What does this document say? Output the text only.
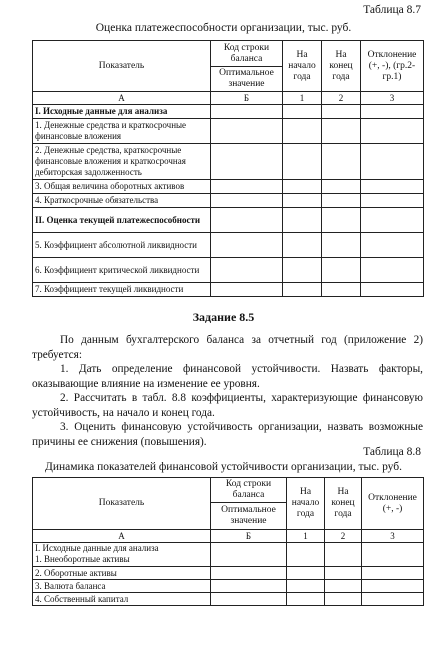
Таблица 8.7
Оценка платежеспособности организации, тыс. руб.
Показатель	Код строки баланса	На начало года	На конец года	Отклонение (+, -), (гр.2-гр.1)
	Оптимальное значение			
А	Б	1	2	3
I. Исходные данные для анализа				
1. Денежные средства и краткосрочные финансовые вложения				
2. Денежные средства, краткосрочные финансовые вложения и краткосрочная дебиторская задолженность				
3. Общая величина оборотных активов				
4. Краткосрочные обязательства				
II. Оценка текущей платежеспособности				
5. Коэффициент абсолютной ликвидности				
6. Коэффициент критической ликвидности				
7. Коэффициент текущей ликвидности				
Задание 8.5
По данным бухгалтерского баланса за отчетный год (приложение 2) требуется:
1. Дать определение финансовой устойчивости. Назвать факторы, оказывающие влияние на изменение ее уровня.
2. Рассчитать в табл. 8.8 коэффициенты, характеризующие финансовую устойчивость, на начало и конец года.
3. Оценить финансовую устойчивость организации, назвать возможные причины ее снижения (повышения).
Таблица 8.8
Динамика показателей финансовой устойчивости организации, тыс. руб.
Показатель	Код строки баланса	На начало года	На конец года	Отклонение (+, -)
	Оптимальное значение			
А	Б	1	2	3

I. Исходные данные для анализа
1. Внеоборотные активы				

2. Оборотные активы				
3. Валюта баланса				
4. Собственный капитал				
